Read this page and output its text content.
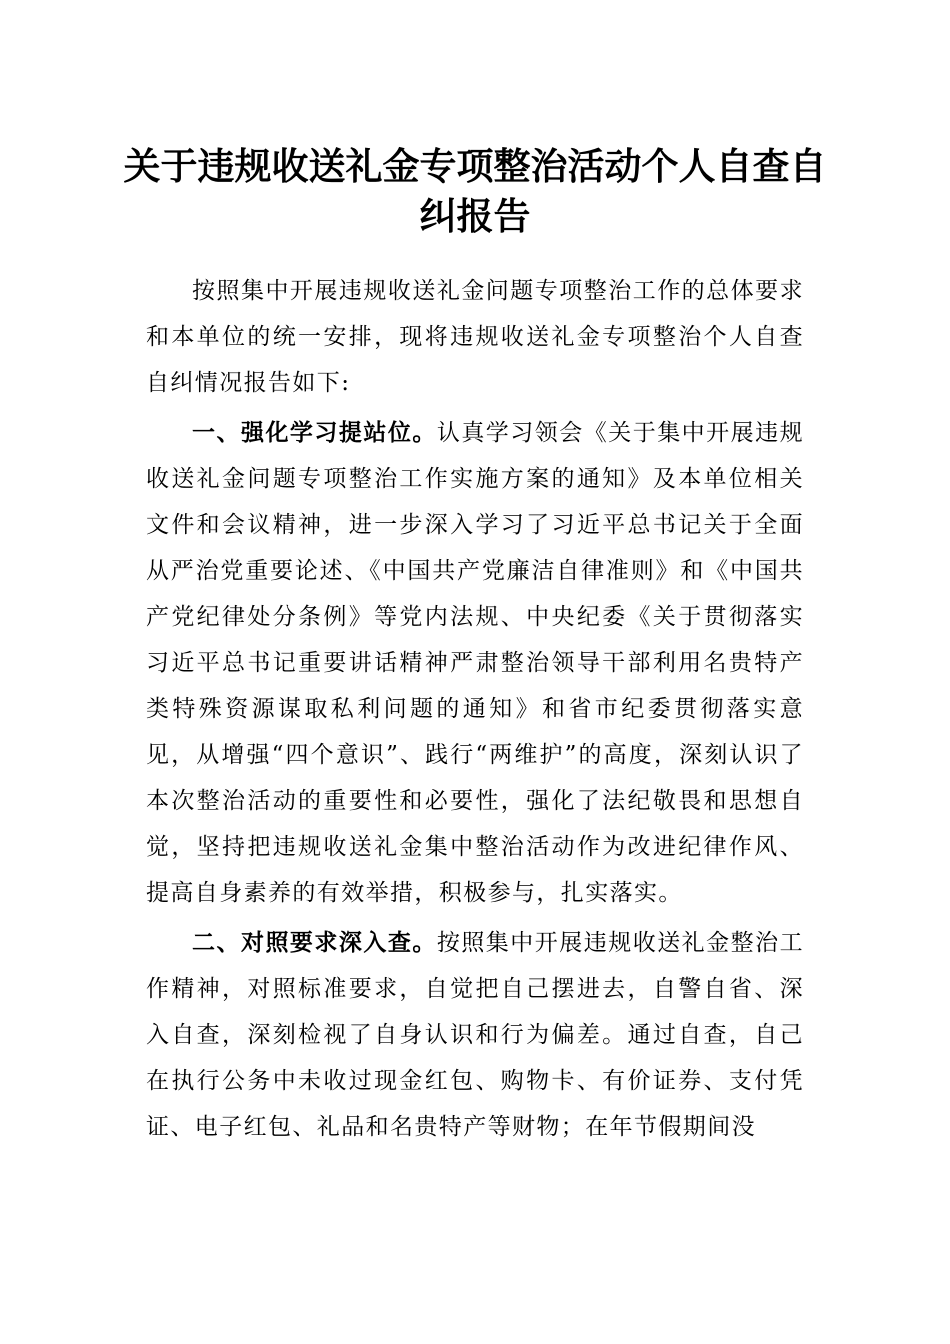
关于违规收送礼金专项整治活动个人自查自纠报告

按照集中开展违规收送礼金问题专项整治工作的总体要求和本单位的统一安排，现将违规收送礼金专项整治个人自查自纠情况报告如下:

一、强化学习提站位。认真学习领会《关于集中开展违规收送礼金问题专项整治工作实施方案的通知》及本单位相关文件和会议精神，进一步深入学习了习近平总书记关于全面从严治党重要论述、《中国共产党廉洁自律准则》和《中国共产党纪律处分条例》等党内法规、中央纪委《关于贯彻落实习近平总书记重要讲话精神严肃整治领导干部利用名贵特产类特殊资源谋取私利问题的通知》和省市纪委贯彻落实意见，从增强“四个意识”、践行“两维护”的高度，深刻认识了本次整治活动的重要性和必要性，强化了法纪敬畏和思想自觉，坚持把违规收送礼金集中整治活动作为改进纪律作风、提高自身素养的有效举措，积极参与，扎实落实。

二、对照要求深入查。按照集中开展违规收送礼金整治工作精神，对照标准要求，自觉把自己摆进去，自警自省、深入自查，深刻检视了自身认识和行为偏差。通过自查，自己在执行公务中未收过现金红包、购物卡、有价证券、支付凭证、电子红包、礼品和名贵特产等财物；在年节假期间没
